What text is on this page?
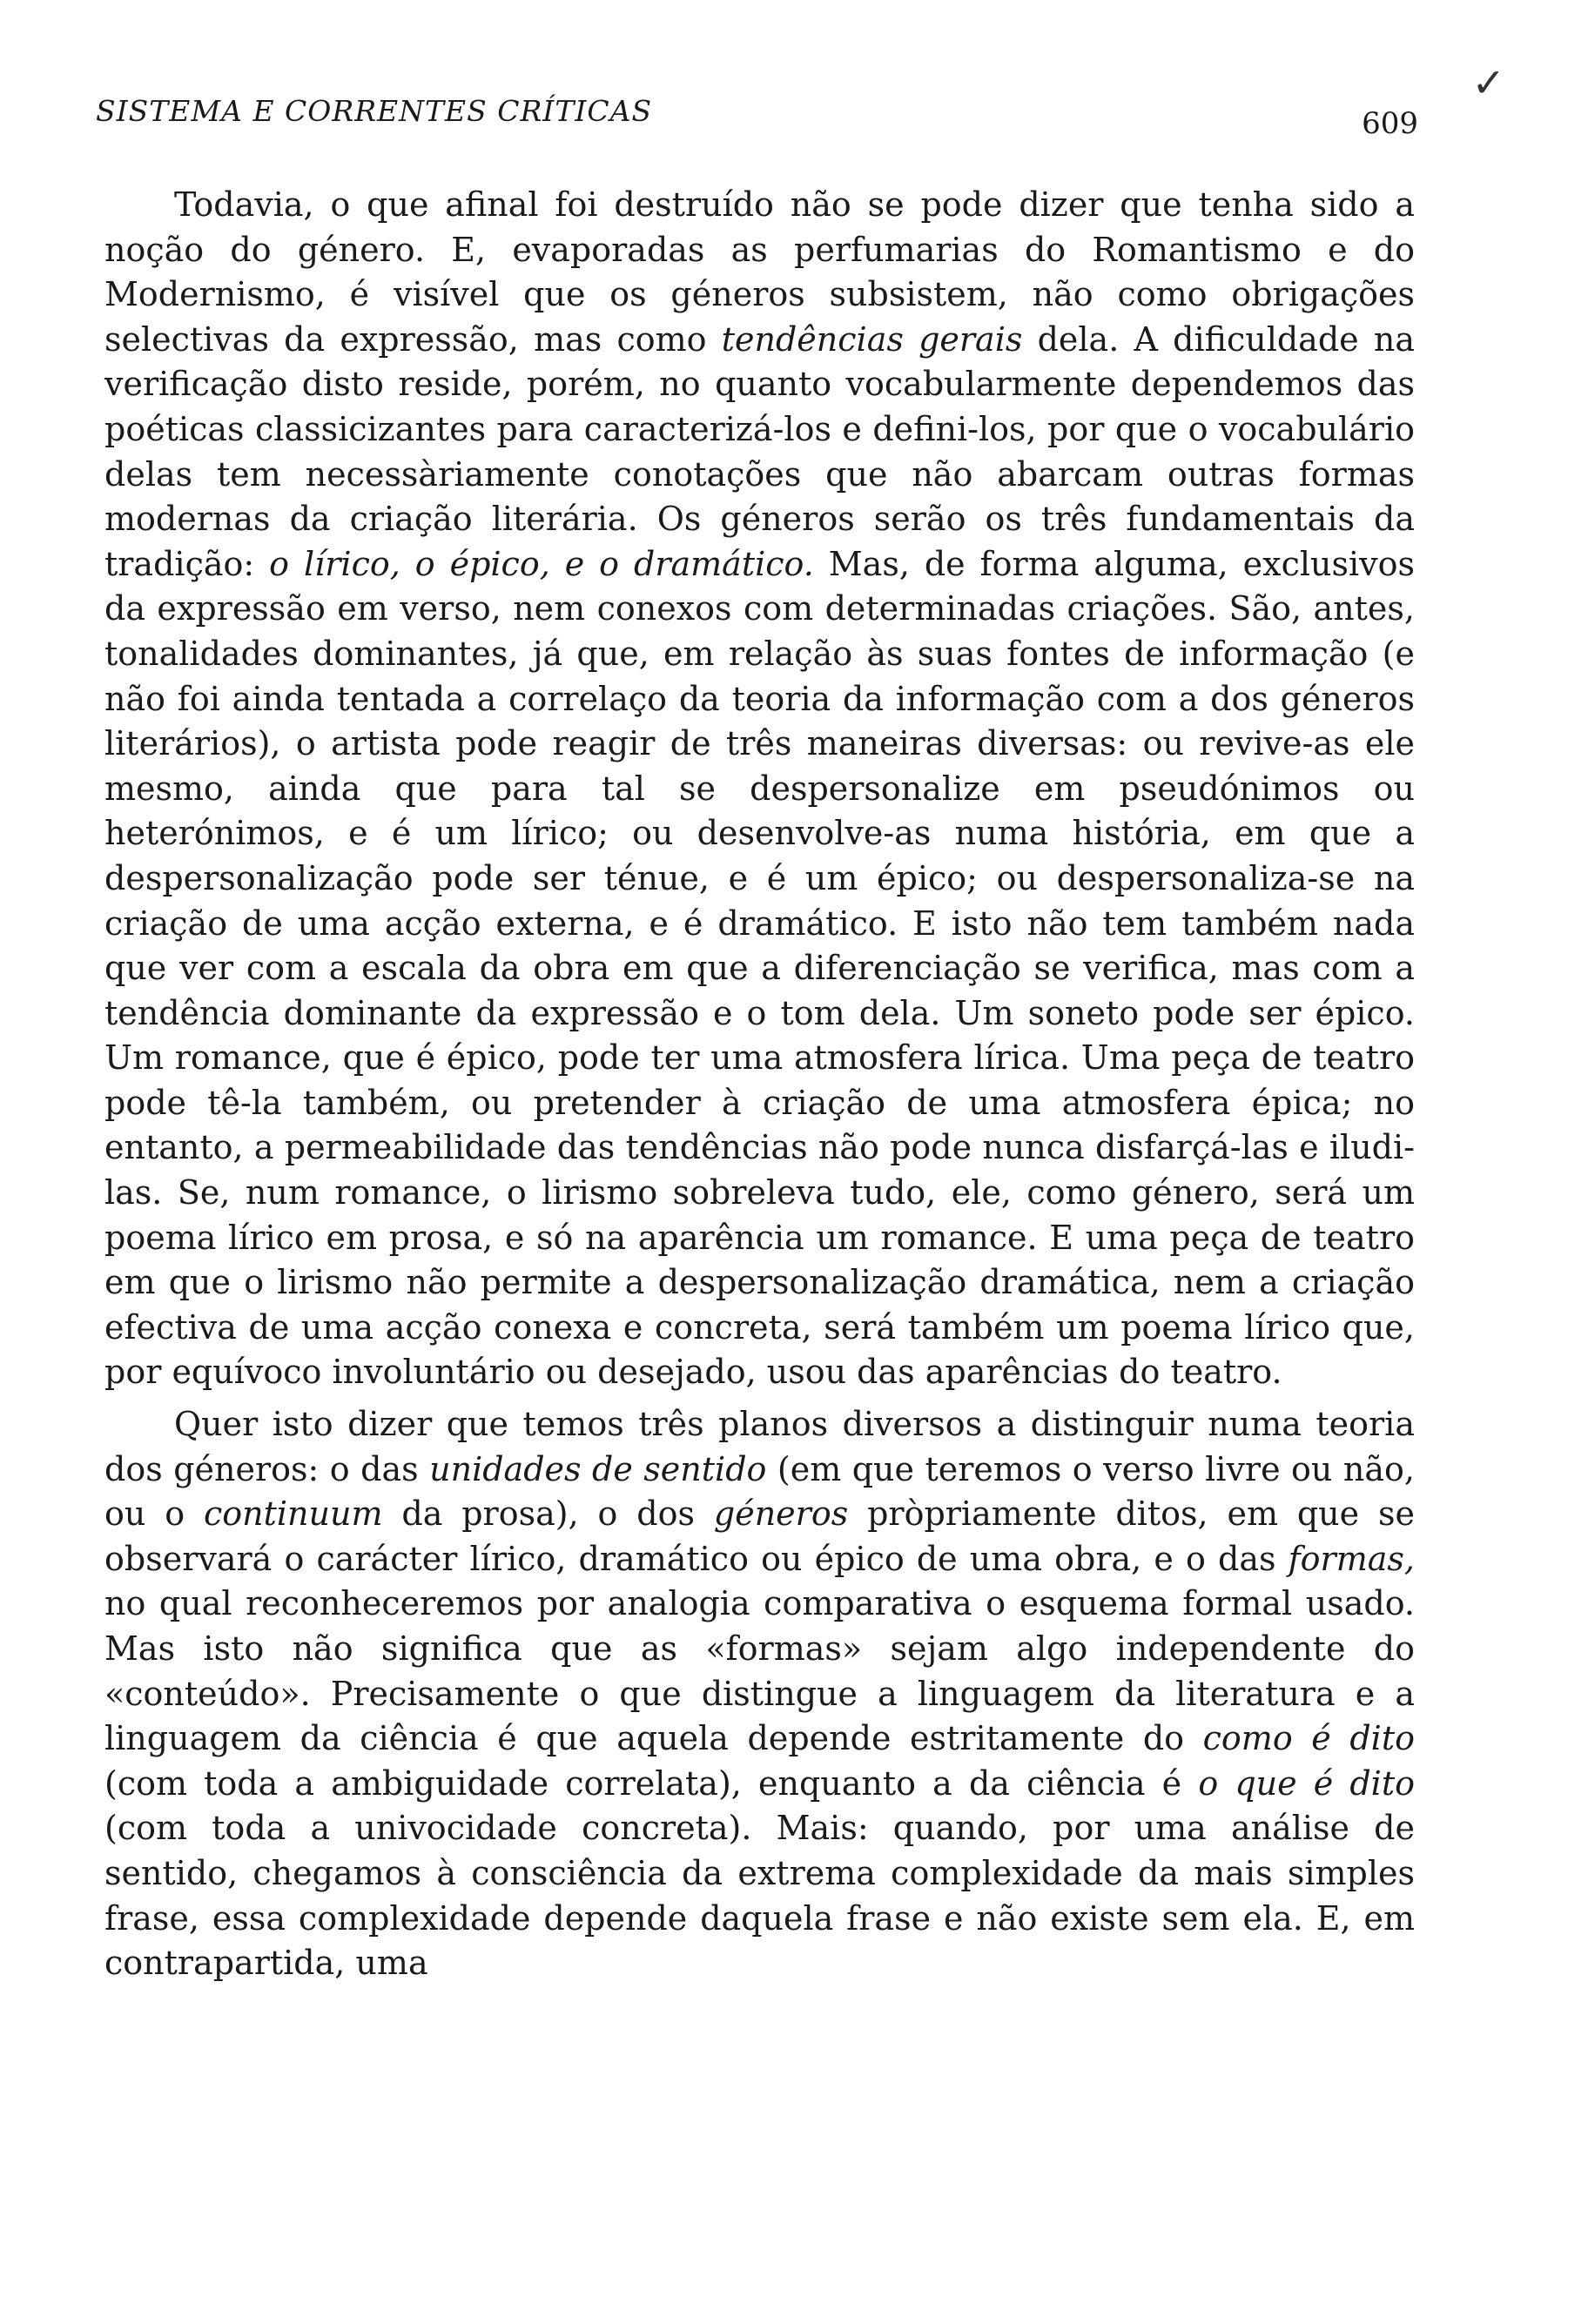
SISTEMA E CORRENTES CRÍTICAS	609
✓

Todavia, o que afinal foi destruído não se pode dizer que tenha sido a noção do género. E, evaporadas as perfumarias do Romantismo e do Modernismo, é visível que os géneros subsistem, não como obrigações selectivas da expressão, mas como tendências gerais dela. A dificuldade na verificação disto reside, porém, no quanto vocabularmente dependemos das poéticas classicizantes para caracterizá-los e defini-los, por que o vocabulário delas tem necessàriamente conotações que não abarcam outras formas modernas da criação literária. Os géneros serão os três fundamentais da tradição: o lírico, o épico, e o dramático. Mas, de forma alguma, exclusivos da expressão em verso, nem conexos com determinadas criações. São, antes, tonalidades dominantes, já que, em relação às suas fontes de informação (e não foi ainda tentada a correlaço da teoria da informação com a dos géneros literários), o artista pode reagir de três maneiras diversas: ou revive-as ele mesmo, ainda que para tal se despersonalize em pseudónimos ou heterónimos, e é um lírico; ou desenvolve-as numa história, em que a despersonalização pode ser ténue, e é um épico; ou despersonaliza-se na criação de uma acção externa, e é dramático. E isto não tem também nada que ver com a escala da obra em que a diferenciação se verifica, mas com a tendência dominante da expressão e o tom dela. Um soneto pode ser épico. Um romance, que é épico, pode ter uma atmosfera lírica. Uma peça de teatro pode tê-la também, ou pretender à criação de uma atmosfera épica; no entanto, a permeabilidade das tendências não pode nunca disfarçá-las e iludi-las. Se, num romance, o lirismo sobreleva tudo, ele, como género, será um poema lírico em prosa, e só na aparência um romance. E uma peça de teatro em que o lirismo não permite a despersonalização dramática, nem a criação efectiva de uma acção conexa e concreta, será também um poema lírico que, por equívoco involuntário ou desejado, usou das aparências do teatro.

Quer isto dizer que temos três planos diversos a distinguir numa teoria dos géneros: o das unidades de sentido (em que teremos o verso livre ou não, ou o continuum da prosa), o dos géneros pròpriamente ditos, em que se observará o carácter lírico, dramático ou épico de uma obra, e o das formas, no qual reconheceremos por analogia comparativa o esquema formal usado. Mas isto não significa que as «formas» sejam algo independente do «conteúdo». Precisamente o que distingue a linguagem da literatura e a linguagem da ciência é que aquela depende estritamente do como é dito (com toda a ambiguidade correlata), enquanto a da ciência é o que é dito (com toda a univocidade concreta). Mais: quando, por uma análise de sentido, chegamos à consciência da extrema complexidade da mais simples frase, essa complexidade depende daquela frase e não existe sem ela. E, em contrapartida, uma
